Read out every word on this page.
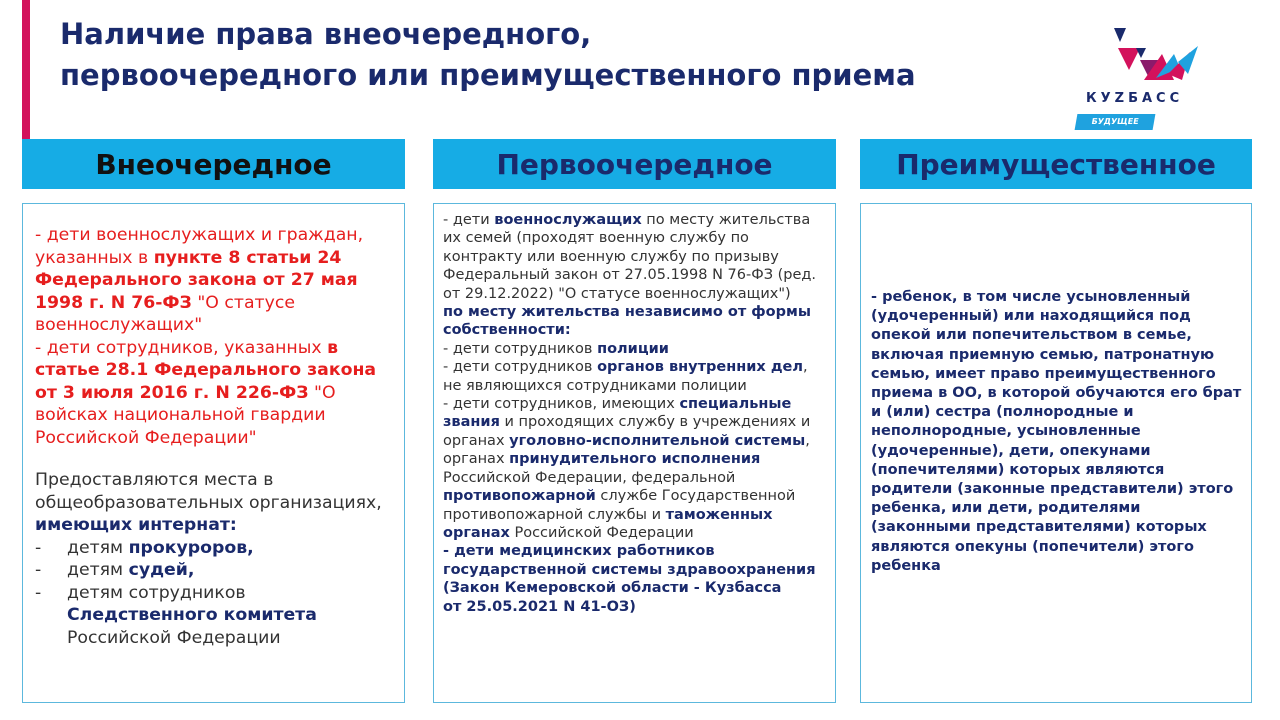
Наличие права внеочередного,
первоочередного или преимущественного приема
КУZБАСС
БУДУЩЕЕ
Внеочередное	Первоочередное	Преимущественное

- дети военнослужащих и граждан, указанных в пункте 8 статьи 24 Федерального закона от 27 мая 1998 г. N 76-ФЗ "О статусе военнослужащих"

- дети сотрудников, указанных в статье 28.1 Федерального закона от 3 июля 2016 г. N 226-ФЗ "О войсках национальной гвардии Российской Федерации"

Предоставляются места в общеобразовательных организациях, имеющих интернат:

-	детям прокуроров,
-	детям судей,
-	детям сотрудников Следственного комитета Российской Федерации

- дети военнослужащих по месту жительства их семей (проходят военную службу по контракту или военную службу по призыву Федеральный закон от 27.05.1998 N 76-ФЗ (ред. от 29.12.2022) "О статусе военнослужащих")

по месту жительства независимо от формы собственности:

- дети сотрудников полиции

- дети сотрудников органов внутренних дел, не являющихся сотрудниками полиции

- дети сотрудников, имеющих специальные звания и проходящих службу в учреждениях и органах уголовно-исполнительной системы, органах принудительного исполнения Российской Федерации, федеральной противопожарной службе Государственной противопожарной службы и таможенных органах Российской Федерации

- дети медицинских работников государственной системы здравоохранения (Закон Кемеровской области - Кузбасса
от 25.05.2021 N 41-ОЗ)

- ребенок, в том числе усыновленный (удочеренный) или находящийся под опекой или попечительством в семье, включая приемную семью, патронатную семью, имеет право преимущественного приема в ОО, в которой обучаются его брат и (или) сестра (полнородные и неполнородные, усыновленные (удочеренные), дети, опекунами (попечителями) которых являются родители (законные представители) этого ребенка, или дети, родителями (законными представителями) которых являются опекуны (попечители) этого ребенка
